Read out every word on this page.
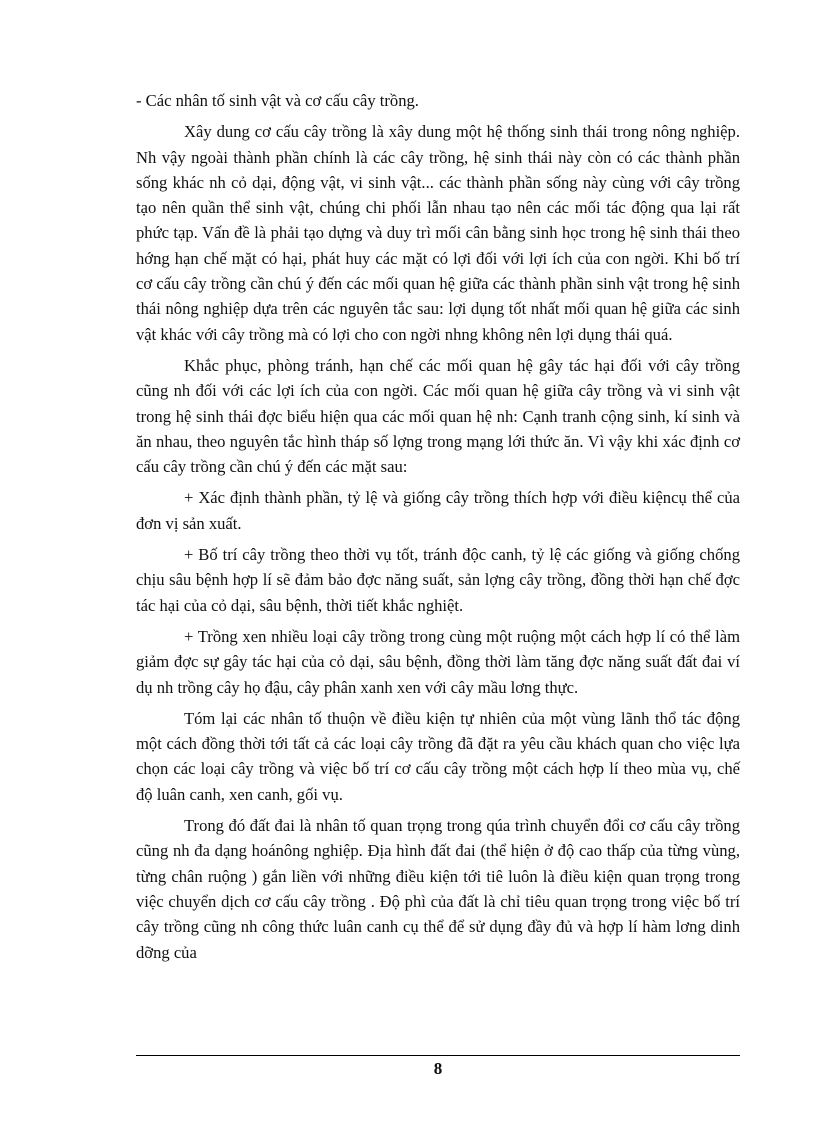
- Các nhân tố sinh vật và cơ cấu cây trồng.

Xây dung cơ cấu cây trồng là xây dung một hệ thống sinh thái trong nông nghiệp. Nh vậy ngoài thành phần chính là các cây trồng, hệ sinh thái này còn có các thành phần sống khác nh cỏ dại, động vật, vi sinh vật... các thành phần sống này cùng với cây trồng tạo nên quần thể sinh vật, chúng chi phối lẫn nhau tạo nên các mối tác động qua lại rất phức tạp. Vấn đề là phải tạo dựng và duy trì mối cân bằng sinh học trong hệ sinh thái theo hớng hạn chế mặt có hại, phát huy các mặt có lợi đối với lợi ích của con ngời. Khi bố trí cơ cấu cây trồng cần chú ý đến các mối quan hệ giữa các thành phần sinh vật trong hệ sinh thái nông nghiệp dựa trên các nguyên tắc sau: lợi dụng tốt nhất mối quan hệ giữa các sinh vật khác với cây trồng mà có lợi cho con ngời nhng không nên lợi dụng thái quá.

Khắc phục, phòng tránh, hạn chế các mối quan hệ gây tác hại đối với cây trồng cũng nh đối với các lợi ích của con ngời. Các mối quan hệ giữa cây trồng và vi sinh vật trong hệ sinh thái đợc biểu hiện qua các mối quan hệ nh: Cạnh tranh cộng sinh, kí sinh và ăn nhau, theo nguyên tắc hình tháp số lợng trong mạng lới thức ăn. Vì vậy khi xác định cơ cấu cây trồng cần chú ý đến các mặt sau:

+ Xác định thành phần, tỷ lệ và giống cây trồng thích hợp với điều kiệncụ thể của đơn vị sản xuất.

+ Bố trí cây trồng theo thời vụ tốt, tránh độc canh, tỷ lệ các giống và giống chống chịu sâu bệnh hợp lí sẽ đảm bảo đợc năng suất, sản lợng cây trồng, đồng thời hạn chế đợc tác hại của cỏ dại, sâu bệnh, thời tiết khắc nghiệt.

+ Trồng xen nhiều loại cây trồng trong cùng một ruộng một cách hợp lí có thể làm giảm đợc sự gây tác hại của cỏ dại, sâu bệnh, đồng thời làm tăng đợc năng suất đất đai ví dụ nh trồng cây họ đậu, cây phân xanh xen với cây mầu lơng thực.

Tóm lại các nhân tố thuộn về điều kiện tự nhiên của một vùng lãnh thổ tác động một cách đồng thời tới tất cả các loại cây trồng đã đặt ra yêu cầu khách quan cho việc lựa chọn các loại cây trồng và việc bố trí cơ cấu cây trồng một cách hợp lí theo mùa vụ, chế độ luân canh, xen canh, gối vụ.

Trong đó đất đai là nhân tố quan trọng trong qúa trình chuyển đổi cơ cấu cây trồng cũng nh đa dạng hoánông nghiệp. Địa hình đất đai (thể hiện ở độ cao thấp của từng vùng, từng chân ruộng ) gắn liền với những điều kiện tới tiê luôn là điều kiện quan trọng trong việc chuyển dịch cơ cấu cây trồng . Độ phì của đất là chỉ tiêu quan trọng trong việc bố trí cây trồng cũng nh công thức luân canh cụ thể để sử dụng đầy đủ và hợp lí hàm lơng dinh dỡng của

8
